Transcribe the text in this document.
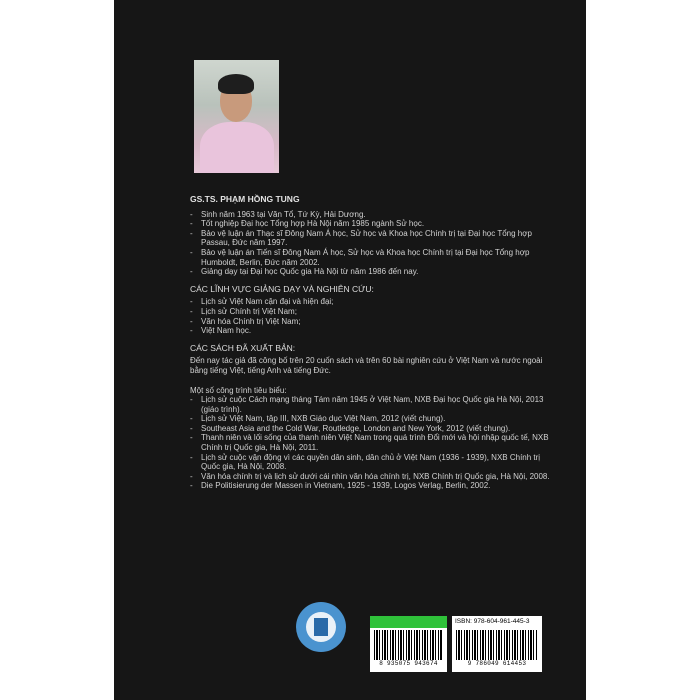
GS.TS. PHẠM HỒNG TUNG
- Sinh năm 1963 tại Văn Tổ, Tứ Kỳ, Hải Dương.
- Tốt nghiệp Đại học Tổng hợp Hà Nội năm 1985 ngành Sử học.
- Bảo vệ luận án Thạc sĩ Đông Nam Á học, Sử học và Khoa học Chính trị tại Đại học Tổng hợp Passau, Đức năm 1997.
- Bảo vệ luận án Tiến sĩ Đông Nam Á học, Sử học và Khoa học Chính trị tại Đại học Tổng hợp Humboldt, Berlin, Đức năm 2002.
- Giảng dạy tại Đại học Quốc gia Hà Nội từ năm 1986 đến nay.
CÁC LĨNH VỰC GIẢNG DẠY VÀ NGHIÊN CỨU:
- Lịch sử Việt Nam cận đại và hiện đại;
- Lịch sử Chính trị Việt Nam;
- Văn hóa Chính trị Việt Nam;
- Việt Nam học.
CÁC SÁCH ĐÃ XUẤT BẢN:
Đến nay tác giả đã công bố trên 20 cuốn sách và trên 60 bài nghiên cứu ở Việt Nam và nước ngoài bằng tiếng Việt, tiếng Anh và tiếng Đức.
Một số công trình tiêu biểu:
- Lịch sử cuộc Cách mạng tháng Tám năm 1945 ở Việt Nam, NXB Đại học Quốc gia Hà Nội, 2013 (giáo trình).
- Lịch sử Việt Nam, tập III, NXB Giáo dục Việt Nam, 2012 (viết chung).
- Southeast Asia and the Cold War, Routledge, London and New York, 2012 (viết chung).
- Thanh niên và lối sống của thanh niên Việt Nam trong quá trình Đổi mới và hội nhập quốc tế, NXB Chính trị Quốc gia, Hà Nội, 2011.
- Lịch sử cuộc vận động vì các quyền dân sinh, dân chủ ở Việt Nam (1936 - 1939), NXB Chính trị Quốc gia, Hà Nội, 2008.
- Văn hóa chính trị và lịch sử dưới cái nhìn văn hóa chính trị, NXB Chính trị Quốc gia, Hà Nội, 2008.
- Die Politisierung der Massen in Vietnam, 1925 - 1939, Logos Verlag, Berlin, 2002.
8 935075 943674
ISBN: 978-604-961-445-3
9 786049 614453
